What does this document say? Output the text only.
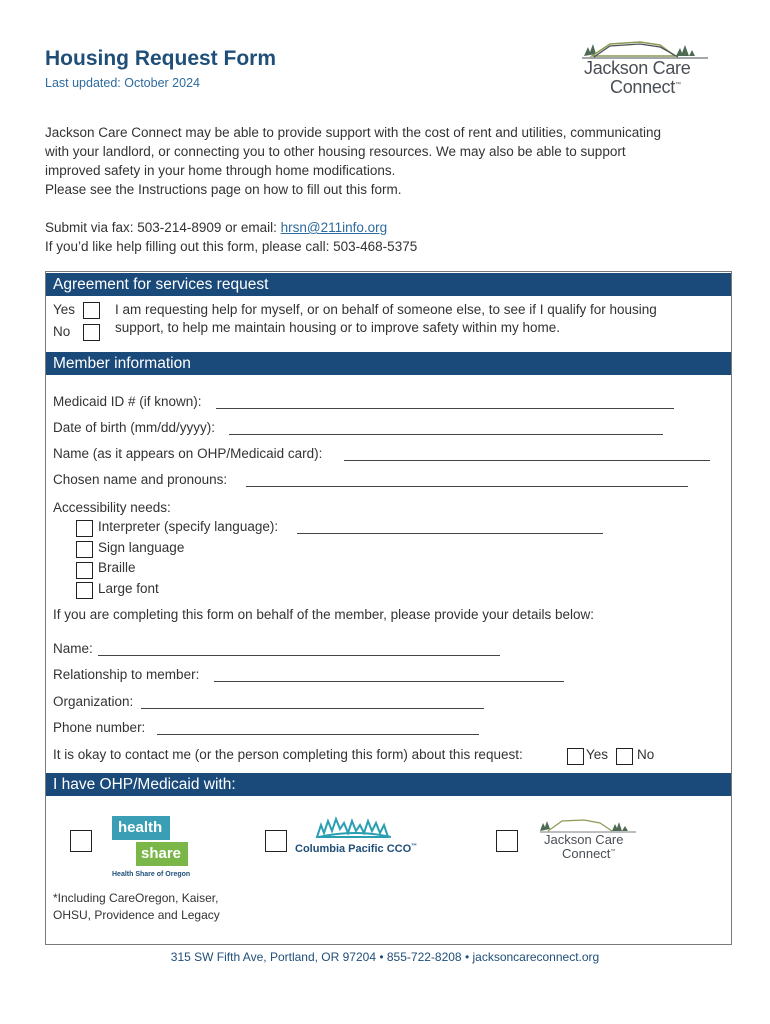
Housing Request Form
Last updated: October 2024
Jackson Care
Connect™
Jackson Care Connect may be able to provide support with the cost of rent and utilities, communicating
with your landlord, or connecting you to other housing resources. We may also be able to support
improved safety in your home through home modifications.
Please see the Instructions page on how to fill out this form.
Submit via fax: 503-214-8909 or email: hrsn@211info.org
If you’d like help filling out this form, please call: 503-468-5375
Agreement for services request
Yes
No
I am requesting help for myself, or on behalf of someone else, to see if I qualify for housing
support, to help me maintain housing or to improve safety within my home.
Member information
Medicaid ID # (if known):
Date of birth (mm/dd/yyyy):
Name (as it appears on OHP/Medicaid card):
Chosen name and pronouns:
Accessibility needs:
Interpreter (specify language):
Sign language
Braille
Large font
If you are completing this form on behalf of the member, please provide your details below:
Name:
Relationship to member:
Organization:
Phone number:
It is okay to contact me (or the person completing this form) about this request:	Yes No
I have OHP/Medicaid with:
health
share
Health Share of Oregon
Columbia Pacific CCO™	Jackson Care
Connect™
*Including CareOregon, Kaiser,
OHSU, Providence and Legacy
315 SW Fifth Ave, Portland, OR 97204 • 855-722-8208 • jacksoncareconnect.org
